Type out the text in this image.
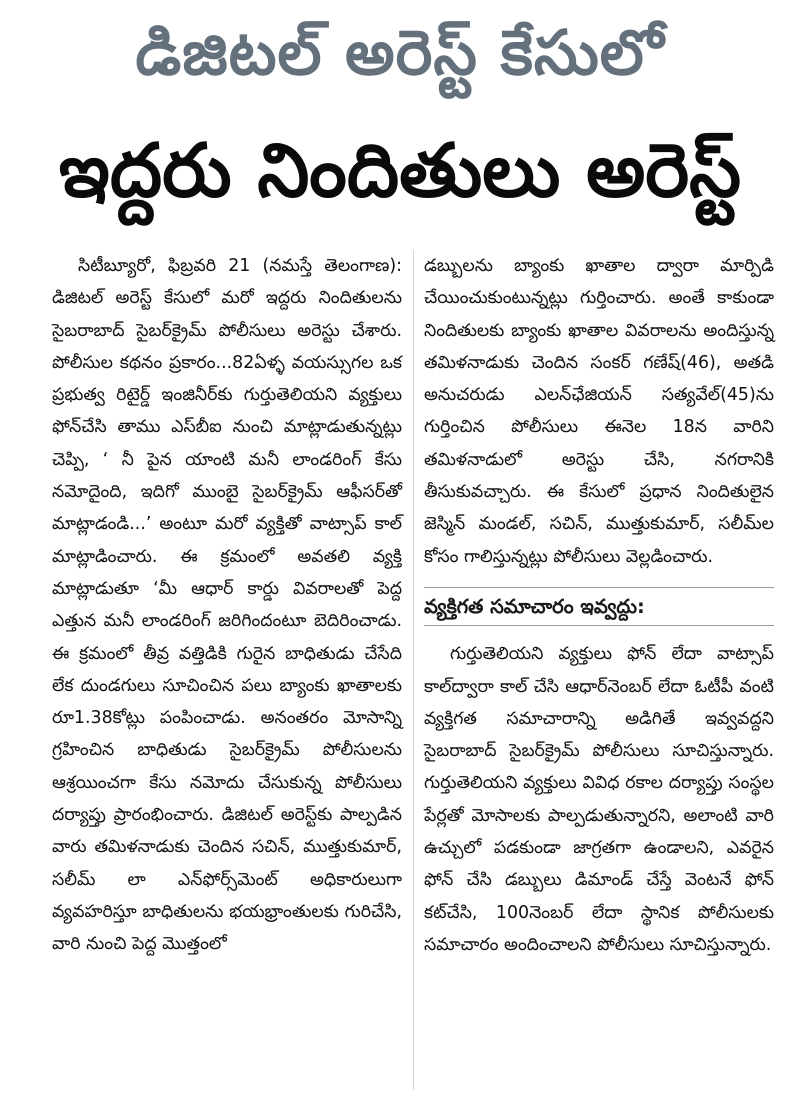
డిజిటల్ అరెస్ట్ కేసులో
ఇద్దరు నిందితులు అరెస్ట్

సిటీబ్యూరో, ఫిబ్రవరి 21 (నమస్తే తెలంగాణ): డిజిటల్ అరెస్ట్ కేసులో మరో ఇద్దరు నిందితులను సైబరాబాద్ సైబర్‌క్రైమ్ పోలీసులు అరెస్టు చేశారు. పోలీసుల కథనం ప్రకారం...82ఏళ్ళ వయస్సుగల ఒక ప్రభుత్వ రిటైర్డ్ ఇంజినీర్‌కు గుర్తుతెలియని వ్యక్తులు ఫోన్‌చేసి తాము ఎస్‌బీఐ నుంచి మాట్లాడుతున్నట్లు చెప్పి, ‘ నీ పైన యాంటి మనీ లాండరింగ్ కేసు నమోదైంది, ఇదిగో ముంబై సైబర్‌క్రైమ్ ఆఫీసర్‌తో మాట్లాడండి...’ అంటూ మరో వ్యక్తితో వాట్సాప్ కాల్ మాట్లాడించారు. ఈ క్రమంలో అవతలి వ్యక్తి మాట్లాడుతూ ‘మీ ఆధార్ కార్డు వివరాలతో పెద్ద ఎత్తున మనీ లాండరింగ్ జరిగిందంటూ బెదిరించాడు. ఈ క్రమంలో తీవ్ర వత్తిడికి గురైన బాధితుడు చేసేది లేక దుండగులు సూచించిన పలు బ్యాంకు ఖాతాలకు రూ1.38కోట్లు పంపించాడు. అనంతరం మోసాన్ని గ్రహించిన బాధితుడు సైబర్‌క్రైమ్ పోలీసులను ఆశ్రయించగా కేసు నమోదు చేసుకున్న పోలీసులు దర్యాప్తు ప్రారంభించారు. డిజిటల్ అరెస్ట్‌కు పాల్పడిన వారు తమిళనాడుకు చెందిన సచిన్, ముత్తుకుమార్, సలీమ్ లా ఎన్‌ఫోర్స్‌మెంట్ అధికారులుగా వ్యవహరిస్తూ బాధితులను భయభ్రాంతులకు గురిచేసి, వారి నుంచి పెద్ద మొత్తంలో

డబ్బులను బ్యాంకు ఖాతాల ద్వారా మార్పిడి చేయించుకుంటున్నట్లు గుర్తించారు. అంతే కాకుండా నిందితులకు బ్యాంకు ఖాతాల వివరాలను అందిస్తున్న తమిళనాడుకు చెందిన సంకర్ గణేష్(46), అతడి అనుచరుడు ఎలన్‌ఛేజియన్ సత్యవేల్(45)ను గుర్తించిన పోలీసులు ఈనెల 18న వారిని తమిళనాడులో అరెస్టు చేసి, నగరానికి తీసుకువచ్చారు. ఈ కేసులో ప్రధాన నిందితులైన జెస్మిన్ మండల్, సచిన్, ముత్తుకుమార్, సలీమ్‌ల కోసం గాలిస్తున్నట్లు పోలీసులు వెల్లడించారు.

వ్యక్తిగత సమాచారం ఇవ్వద్దు:

గుర్తుతెలియని వ్యక్తులు ఫోన్ లేదా వాట్సాప్ కాల్‌ద్వారా కాల్ చేసి ఆధార్‌నెంబర్ లేదా ఓటీపీ వంటి వ్యక్తిగత సమాచారాన్ని అడిగితే ఇవ్వవద్దని సైబరాబాద్ సైబర్‌క్రైమ్ పోలీసులు సూచిస్తున్నారు. గుర్తుతెలియని వ్యక్తులు వివిధ రకాల దర్యాప్తు సంస్థల పేర్లతో మోసాలకు పాల్పడుతున్నారని, అలాంటి వారి ఉచ్చులో పడకుండా జాగ్రతగా ఉండాలని, ఎవరైన ఫోన్ చేసి డబ్బులు డిమాండ్ చేస్తే వెంటనే ఫోన్ కట్‌చేసి, 100నెంబర్ లేదా స్థానిక పోలీసులకు సమాచారం అందించాలని పోలీసులు సూచిస్తున్నారు.
